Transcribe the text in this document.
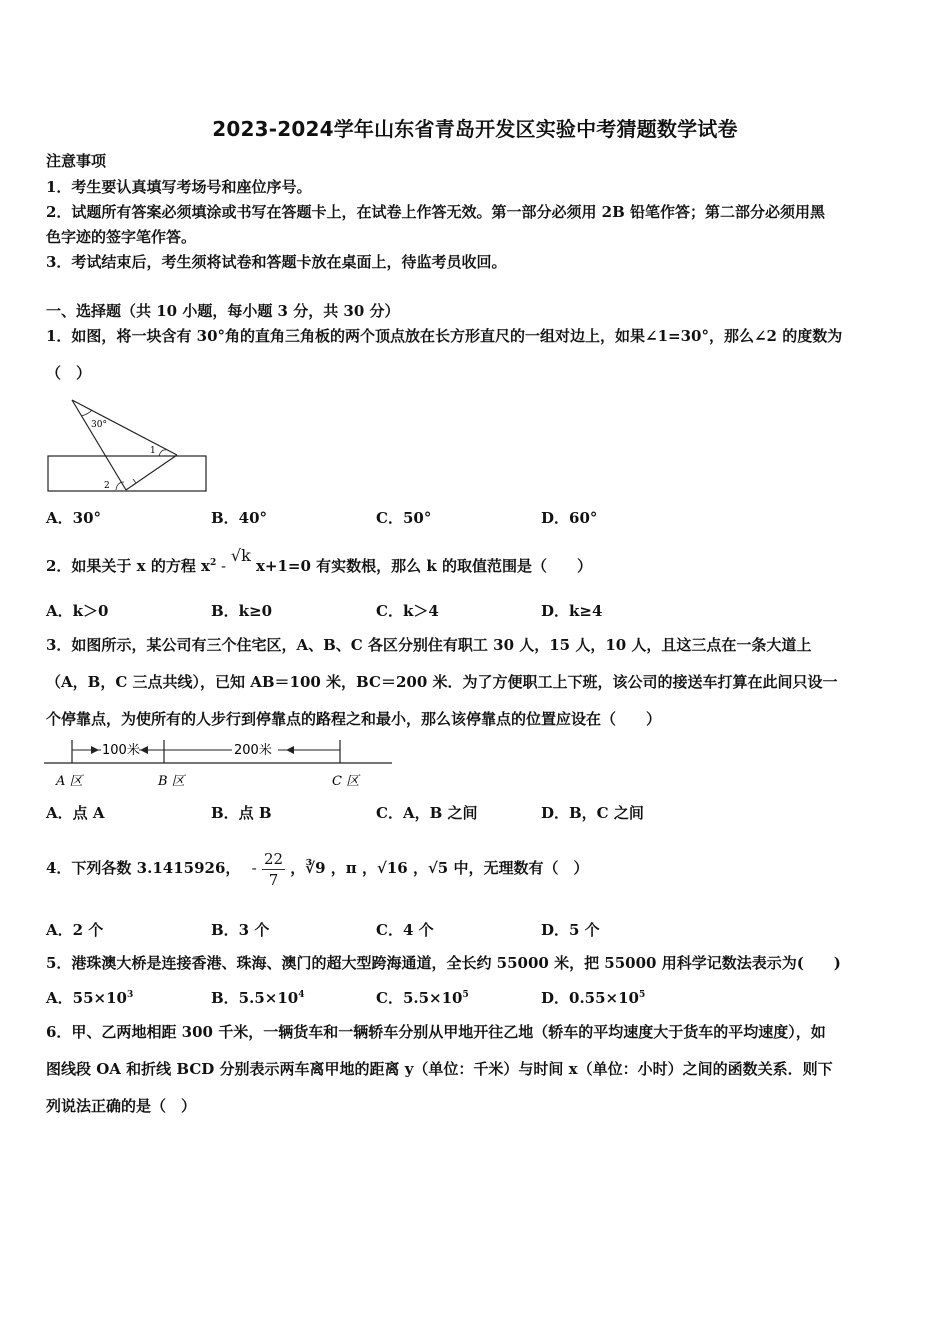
2023-2024学年山东省青岛开发区实验中考猜题数学试卷
注意事项
1．考生要认真填写考场号和座位序号。
2．试题所有答案必须填涂或书写在答题卡上，在试卷上作答无效。第一部分必须用 2B 铅笔作答；第二部分必须用黑
色字迹的签字笔作答。
3．考试结束后，考生须将试卷和答题卡放在桌面上，待监考员收回。
一、选择题（共 10 小题，每小题 3 分，共 30 分）
1．如图，将一块含有 30°角的直角三角板的两个顶点放在长方形直尺的一组对边上，如果∠1=30°，那么∠2 的度数为
（　）
30°
1
2
A．30°	B．40°	C．50°	D．60°
2．如果关于 x 的方程 $x^2 - √k$ x+1=0 有实数根，那么 k 的取值范围是（　　）
A．k＞0	B．k≥0	C．k＞4	D．k≥4
3．如图所示，某公司有三个住宅区，A、B、C 各区分别住有职工 30 人，15 人，10 人，且这三点在一条大道上
（A，B，C 三点共线），已知 AB＝100 米，BC＝200 米．为了方便职工上下班，该公司的接送车打算在此间只设一
个停靠点，为使所有的人步行到停靠点的路程之和最小，那么该停靠点的位置应设在（　　）
100米	200米
A 区	B 区	C 区
A．点 A	B．点 B	C．A，B 之间	D．B，C 之间
4．下列各数 3.1415926， - $\frac{22}{7}$ ，∛9 ，π ，√16 ，√5 中，无理数有（　）
A．2 个	B．3 个	C．4 个	D．5 个
5．港珠澳大桥是连接香港、珠海、澳门的超大型跨海通道，全长约 55000 米，把 55000 用科学记数法表示为(　　)
A．$55\times 10^3$	B．$5.5\times 10^4$	C．$5.5\times 10^5$	D．$0.55\times 10^5$
6．甲、乙两地相距 300 千米，一辆货车和一辆轿车分别从甲地开往乙地（轿车的平均速度大于货车的平均速度），如
图线段 OA 和折线 BCD 分别表示两车离甲地的距离 y（单位：千米）与时间 x（单位：小时）之间的函数关系．则下
列说法正确的是（　）
